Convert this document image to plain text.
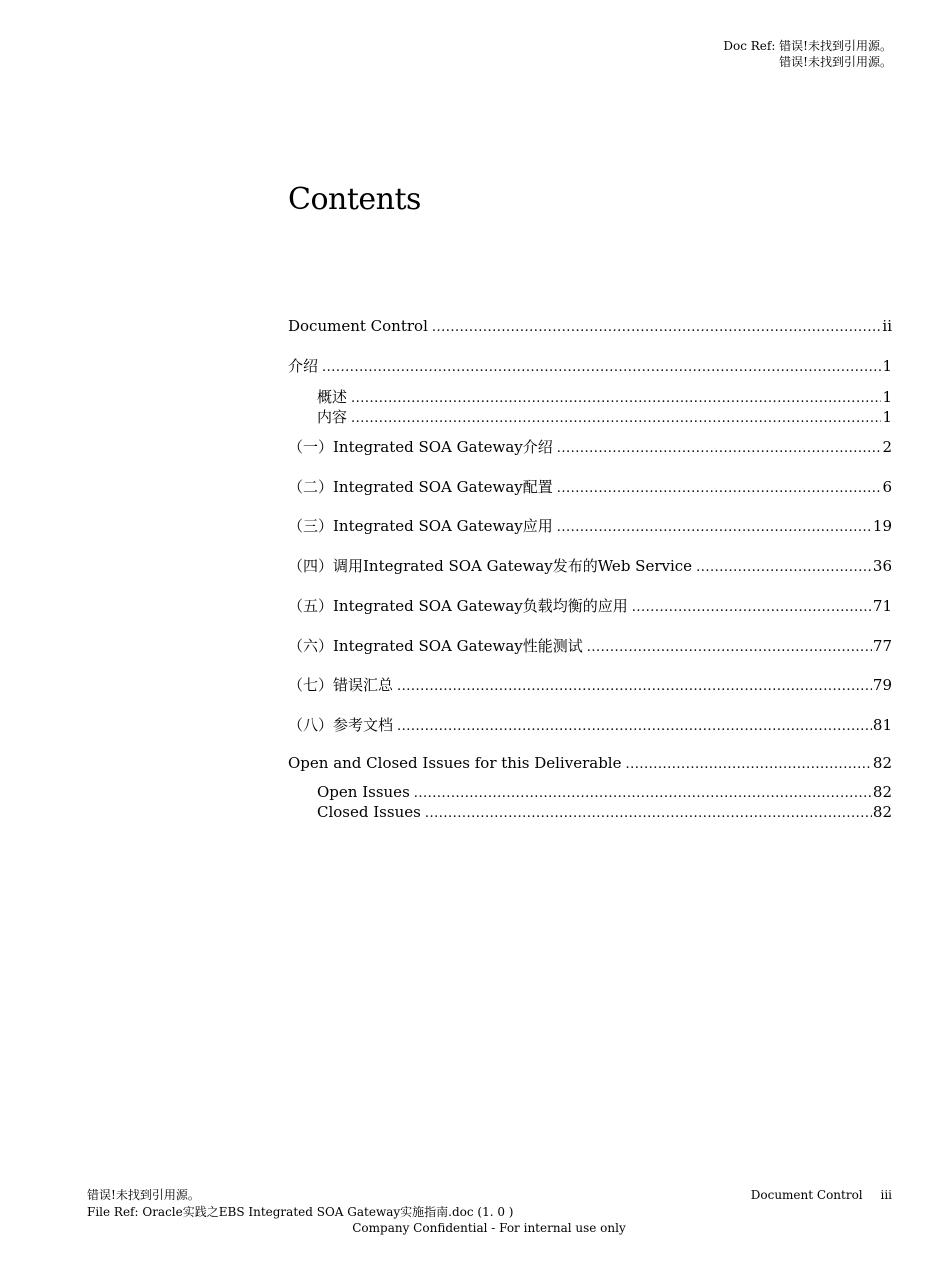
Doc Ref: 错误!未找到引用源。
错误!未找到引用源。
Contents
Document Control .....	ii
介绍 .....	1
概述 .....	1
内容 .....	1
（一）Integrated SOA Gateway介绍 .....	2
（二）Integrated SOA Gateway配置 .....	6
（三）Integrated SOA Gateway应用 .....	19
（四）调用Integrated SOA Gateway发布的Web Service .....	36
（五）Integrated SOA Gateway负载均衡的应用 .....	71
（六）Integrated SOA Gateway性能测试 .....	77
（七）错误汇总 .....	79
（八）参考文档 .....	81
Open and Closed Issues for this Deliverable .....	82
Open Issues .....	82
Closed Issues .....	82
错误!未找到引用源。
File Ref: Oracle实践之EBS Integrated SOA Gateway实施指南.doc (1. 0 )
Document Control iii
Company Confidential - For internal use only
